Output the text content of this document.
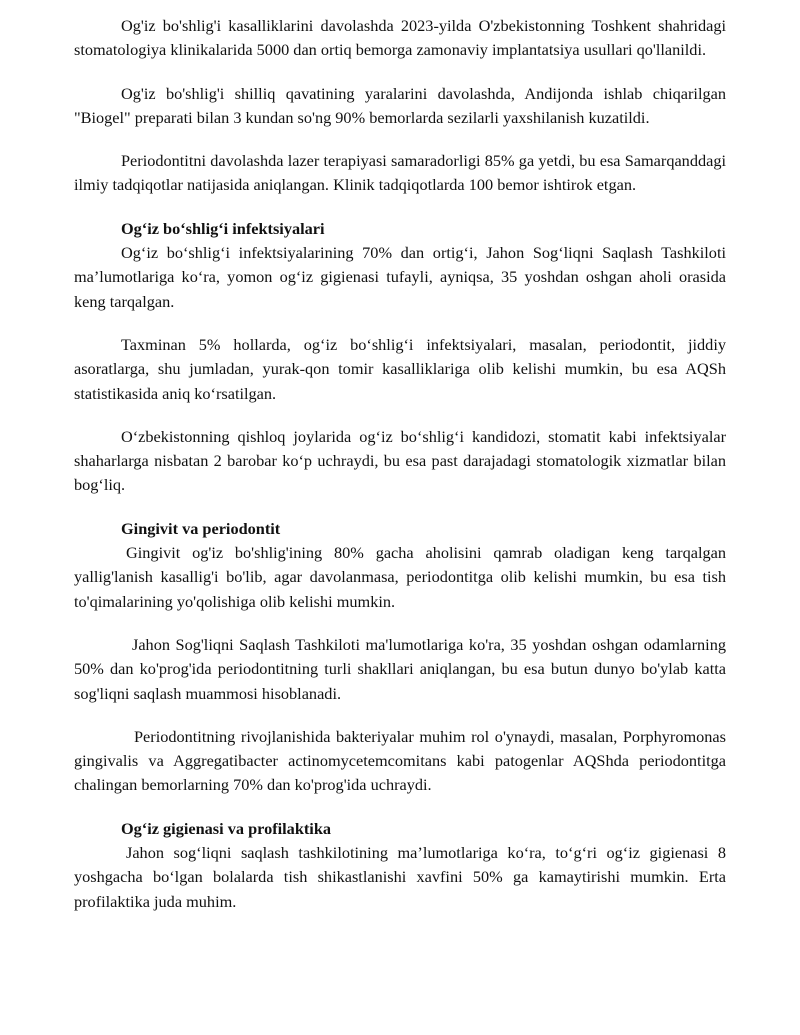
Og'iz bo'shlig'i kasalliklarini davolashda 2023-yilda O'zbekistonning Toshkent shahridagi stomatologiya klinikalarida 5000 dan ortiq bemorga zamonaviy implantatsiya usullari qo'llanildi.

Og'iz bo'shlig'i shilliq qavatining yaralarini davolashda, Andijonda ishlab chiqarilgan "Biogel" preparati bilan 3 kundan so'ng 90% bemorlarda sezilarli yaxshilanish kuzatildi.

Periodontitni davolashda lazer terapiyasi samaradorligi 85% ga yetdi, bu esa Samarqanddagi ilmiy tadqiqotlar natijasida aniqlangan. Klinik tadqiqotlarda 100 bemor ishtirok etgan.

Og‘iz bo‘shlig‘i infektsiyalari

Og‘iz bo‘shlig‘i infektsiyalarining 70% dan ortig‘i, Jahon Sog‘liqni Saqlash Tashkiloti ma’lumotlariga ko‘ra, yomon og‘iz gigienasi tufayli, ayniqsa, 35 yoshdan oshgan aholi orasida keng tarqalgan.

Taxminan 5% hollarda, og‘iz bo‘shlig‘i infektsiyalari, masalan, periodontit, jiddiy asoratlarga, shu jumladan, yurak-qon tomir kasalliklariga olib kelishi mumkin, bu esa AQSh statistikasida aniq ko‘rsatilgan.

O‘zbekistonning qishloq joylarida og‘iz bo‘shlig‘i kandidozi, stomatit kabi infektsiyalar shaharlarga nisbatan 2 barobar ko‘p uchraydi, bu esa past darajadagi stomatologik xizmatlar bilan bog‘liq.

Gingivit va periodontit

Gingivit og'iz bo'shlig'ining 80% gacha aholisini qamrab oladigan keng tarqalgan yallig'lanish kasallig'i bo'lib, agar davolanmasa, periodontitga olib kelishi mumkin, bu esa tish to'qimalarining yo'qolishiga olib kelishi mumkin.

Jahon Sog'liqni Saqlash Tashkiloti ma'lumotlariga ko'ra, 35 yoshdan oshgan odamlarning 50% dan ko'prog'ida periodontitning turli shakllari aniqlangan, bu esa butun dunyo bo'ylab katta sog'liqni saqlash muammosi hisoblanadi.

Periodontitning rivojlanishida bakteriyalar muhim rol o'ynaydi, masalan, Porphyromonas gingivalis va Aggregatibacter actinomycetemcomitans kabi patogenlar AQShda periodontitga chalingan bemorlarning 70% dan ko'prog'ida uchraydi.

Og‘iz gigienasi va profilaktika

Jahon sog‘liqni saqlash tashkilotining ma’lumotlariga ko‘ra, to‘g‘ri og‘iz gigienasi 8 yoshgacha bo‘lgan bolalarda tish shikastlanishi xavfini 50% ga kamaytirishi mumkin. Erta profilaktika juda muhim.
